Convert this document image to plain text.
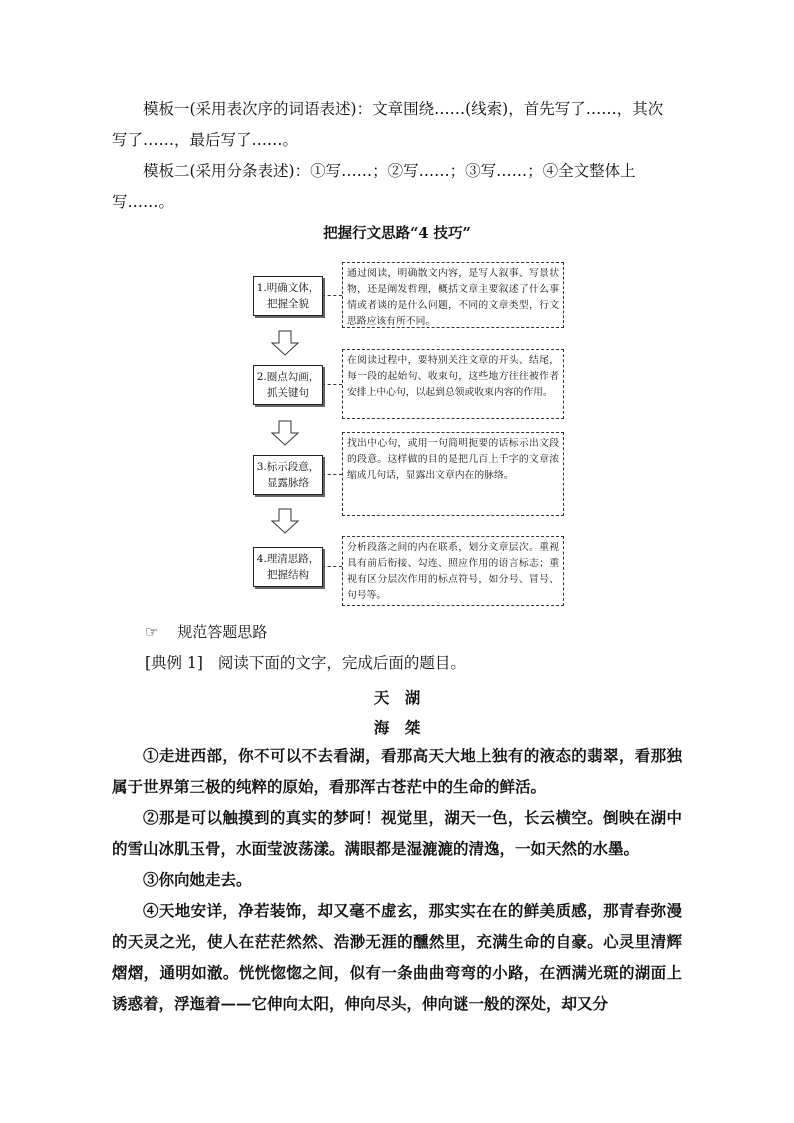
模板一(采用表次序的词语表述)：文章围绕……(线索)，首先写了……，其次
写了……，最后写了……。
模板二(采用分条表述)：①写……；②写……；③写……；④全文整体上
写……。
把握行文思路“4 技巧”
1.明确文体，
把握全貌
通过阅读，明确散文内容，是写人叙事、写景状物，还是阐发哲理，概括文章主要叙述了什么事情或者谈的是什么问题，不同的文章类型，行文思路应该有所不同。
2.圈点勾画，
抓关键句
在阅读过程中，要特别关注文章的开头、结尾，每一段的起始句、收束句，这些地方往往被作者安排上中心句，以起到总领或收束内容的作用。
3.标示段意，
显露脉络
找出中心句，或用一句简明扼要的话标示出文段的段意。这样做的目的是把几百上千字的文章浓缩成几句话，显露出文章内在的脉络。
4.理清思路，
把握结构
分析段落之间的内在联系，划分文章层次。重视具有前后衔接、勾连、照应作用的语言标志；重视有区分层次作用的标点符号，如分号、冒号、句号等。
☞ 规范答题思路
[典例 1] 阅读下面的文字，完成后面的题目。
天　湖
海　桀
①走进西部，你不可以不去看湖，看那高天大地上独有的液态的翡翠，看那独属于世界第三极的纯粹的原始，看那浑古苍茫中的生命的鲜活。
②那是可以触摸到的真实的梦呵！视觉里，湖天一色，长云横空。倒映在湖中的雪山冰肌玉骨，水面莹波荡漾。满眼都是湿漉漉的清逸，一如天然的水墨。
③你向她走去。
④天地安详，净若装饰，却又毫不虚玄，那实实在在的鲜美质感，那青春弥漫的天灵之光，使人在茫茫然然、浩渺无涯的醺然里，充满生命的自豪。心灵里清辉熠熠，通明如澈。恍恍惚惚之间，似有一条曲曲弯弯的小路，在洒满光斑的湖面上诱惑着，浮迤着——它伸向太阳，伸向尽头，伸向谜一般的深处，却又分
